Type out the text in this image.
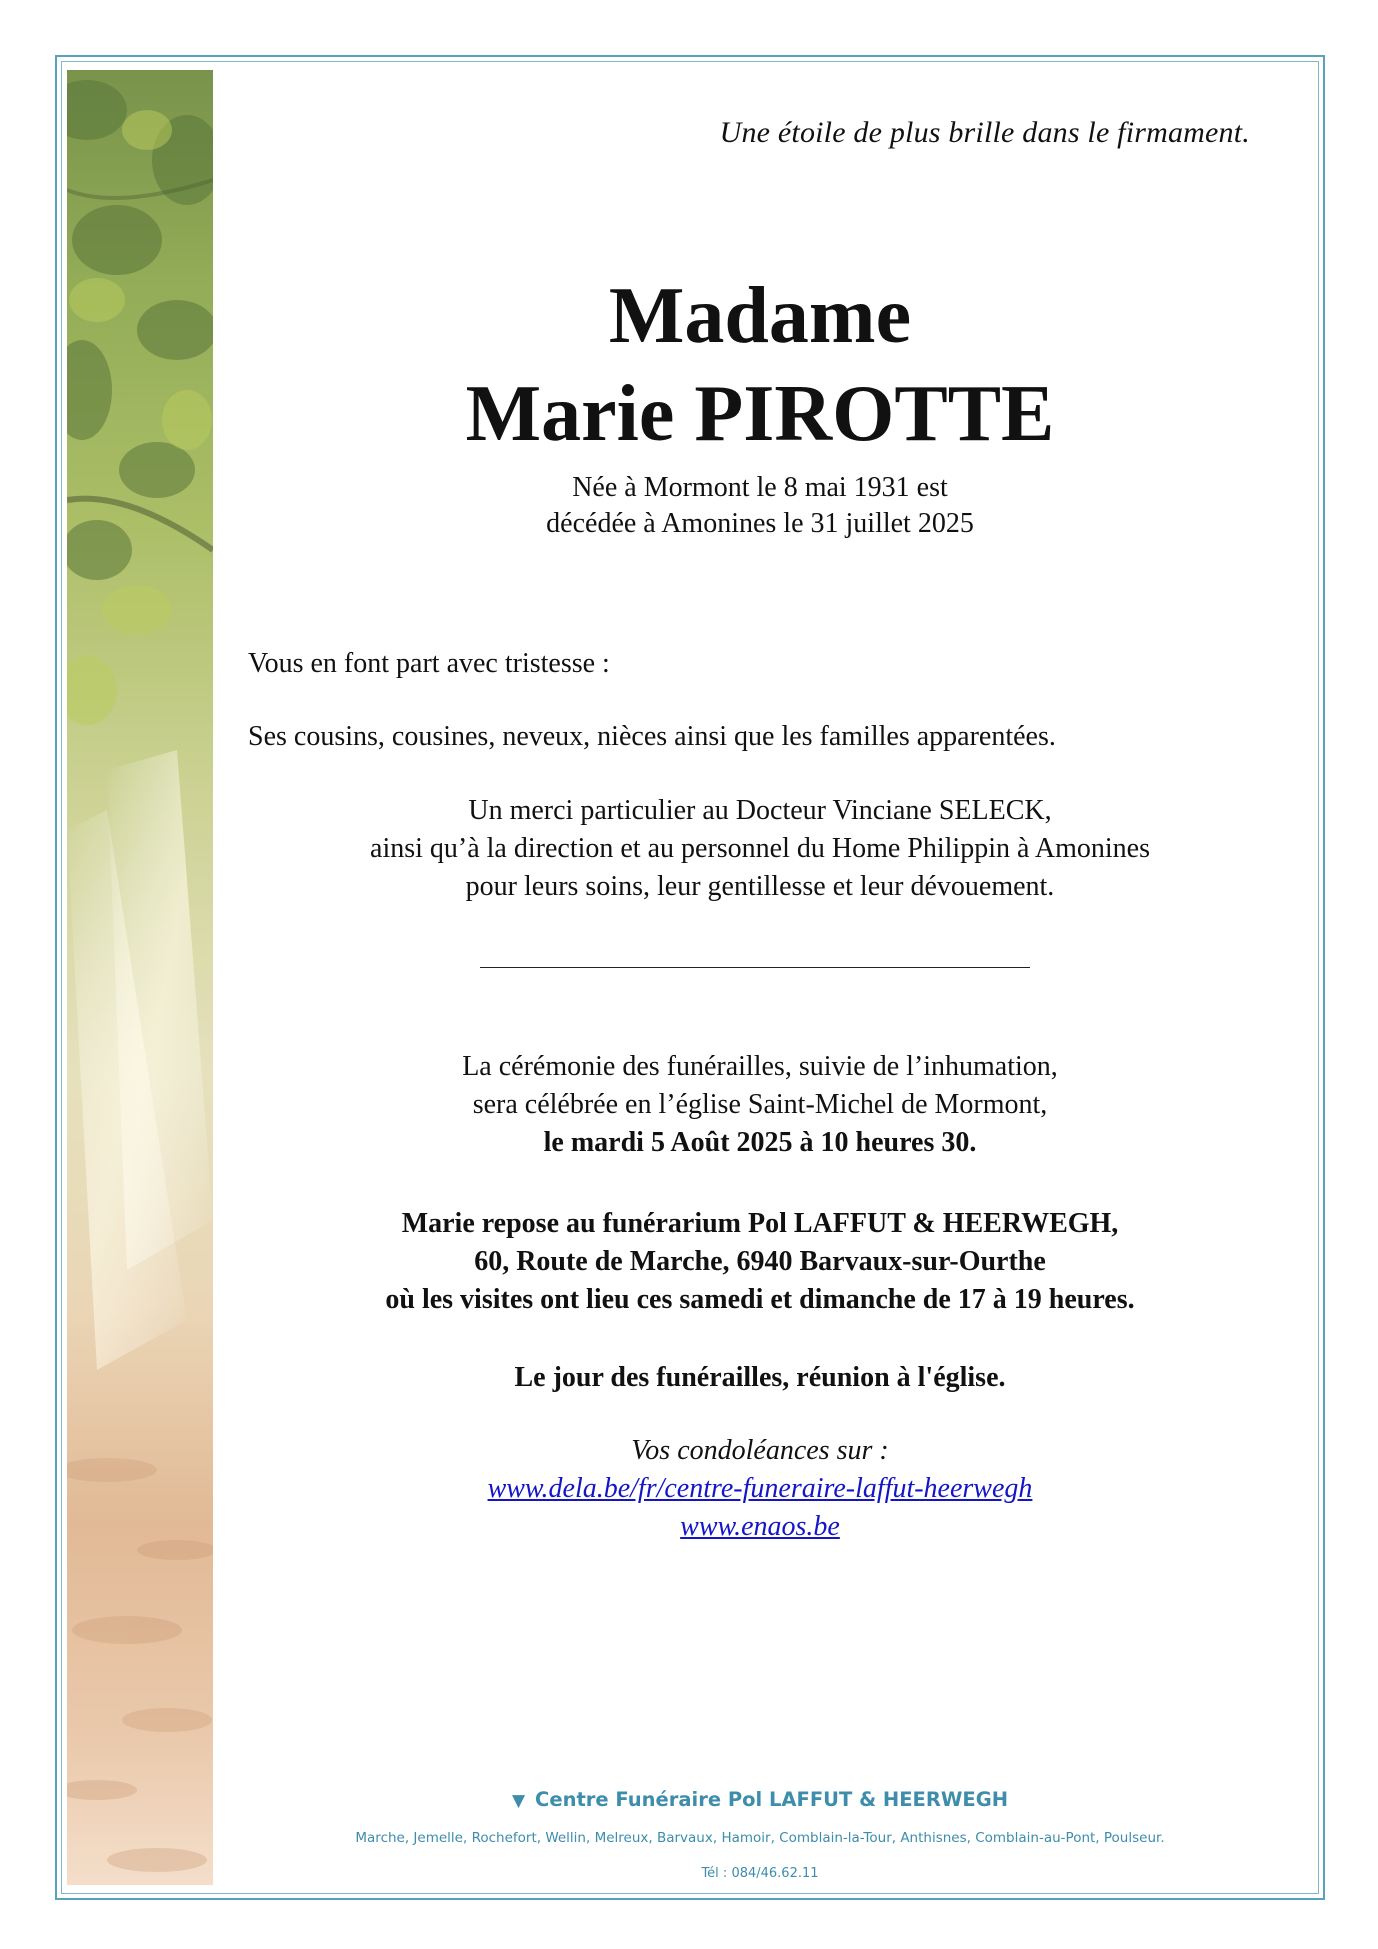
Une étoile de plus brille dans le firmament.
Madame
Marie PIROTTE
Née à Mormont le 8 mai 1931 est
décédée à Amonines le 31 juillet 2025
Vous en font part avec tristesse :
Ses cousins, cousines, neveux, nièces ainsi que les familles apparentées.
Un merci particulier au Docteur Vinciane SELECK,
ainsi qu’à la direction et au personnel du Home Philippin à Amonines
pour leurs soins, leur gentillesse et leur dévouement.
La cérémonie des funérailles, suivie de l’inhumation,
sera célébrée en l’église Saint-Michel de Mormont,
le mardi 5 Août 2025 à 10 heures 30.
Marie repose au funérarium Pol LAFFUT & HEERWEGH,
60, Route de Marche, 6940 Barvaux-sur-Ourthe
où les visites ont lieu ces samedi et dimanche de 17 à 19 heures.
Le jour des funérailles, réunion à l'église.
Vos condoléances sur :
www.dela.be/fr/centre-funeraire-laffut-heerwegh
www.enaos.be
▼ Centre Funéraire Pol LAFFUT & HEERWEGH
Marche, Jemelle, Rochefort, Wellin, Melreux, Barvaux, Hamoir, Comblain-la-Tour, Anthisnes, Comblain-au-Pont, Poulseur.
Tél : 084/46.62.11
